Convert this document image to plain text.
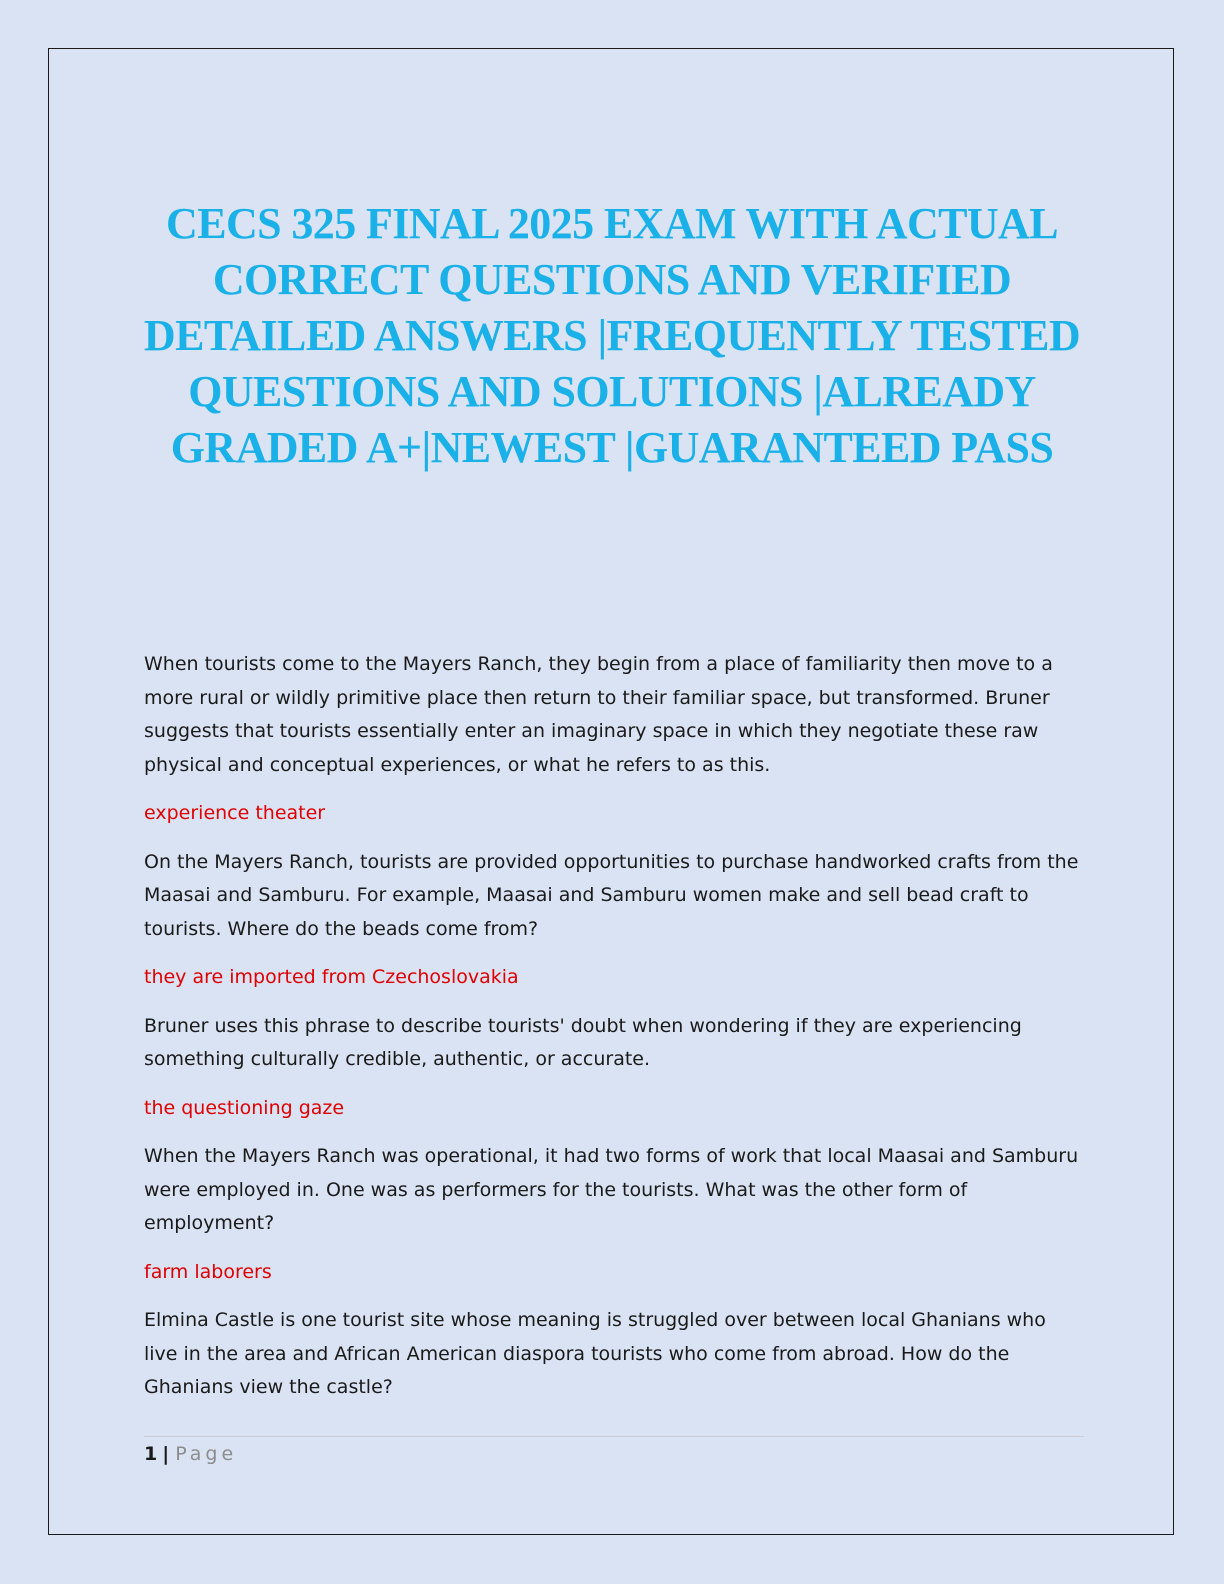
CECS 325 FINAL 2025 EXAM WITH ACTUAL CORRECT QUESTIONS AND VERIFIED DETAILED ANSWERS |FREQUENTLY TESTED QUESTIONS AND SOLUTIONS |ALREADY GRADED A+|NEWEST |GUARANTEED PASS

When tourists come to the Mayers Ranch, they begin from a place of familiarity then move to a more rural or wildly primitive place then return to their familiar space, but transformed. Bruner suggests that tourists essentially enter an imaginary space in which they negotiate these raw physical and conceptual experiences, or what he refers to as this.

experience theater

On the Mayers Ranch, tourists are provided opportunities to purchase handworked crafts from the Maasai and Samburu. For example, Maasai and Samburu women make and sell bead craft to tourists. Where do the beads come from?

they are imported from Czechoslovakia

Bruner uses this phrase to describe tourists' doubt when wondering if they are experiencing something culturally credible, authentic, or accurate.

the questioning gaze

When the Mayers Ranch was operational, it had two forms of work that local Maasai and Samburu were employed in. One was as performers for the tourists. What was the other form of employment?

farm laborers

Elmina Castle is one tourist site whose meaning is struggled over between local Ghanians who live in the area and African American diaspora tourists who come from abroad. How do the Ghanians view the castle?

1 | Page
